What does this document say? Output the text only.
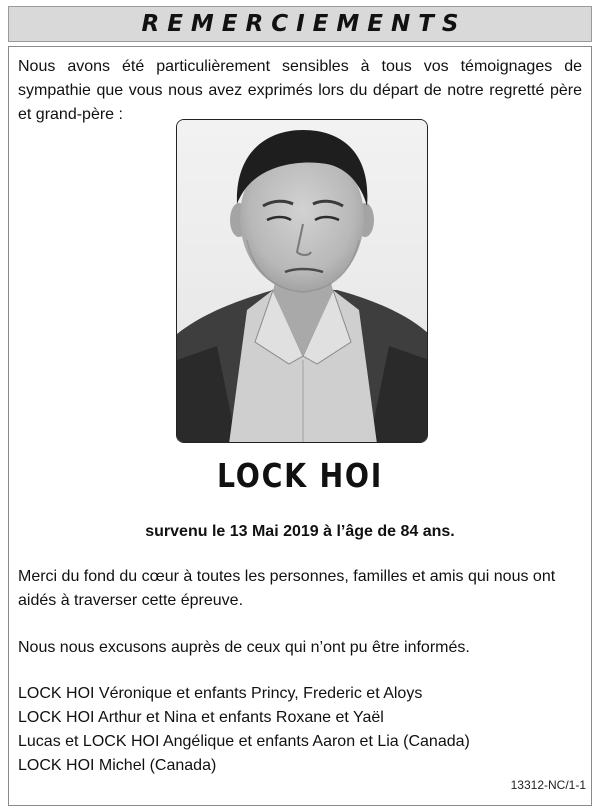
REMERCIEMENTS

Nous avons été particulièrement sensibles à tous vos témoignages de sympathie que vous nous avez exprimés lors du départ de notre regretté père et grand-père :

LOCK HOI
survenu le 13 Mai 2019 à l’âge de 84 ans.

Merci du fond du cœur à toutes les personnes, familles et amis qui nous ont aidés à traverser cette épreuve.

Nous nous excusons auprès de ceux qui n’ont pu être informés.

LOCK HOI Véronique et enfants Princy, Frederic et Aloys
LOCK HOI Arthur et Nina et enfants Roxane et Yaël
Lucas et LOCK HOI Angélique et enfants Aaron et Lia (Canada)
LOCK HOI Michel (Canada)
13312-NC/1-1
